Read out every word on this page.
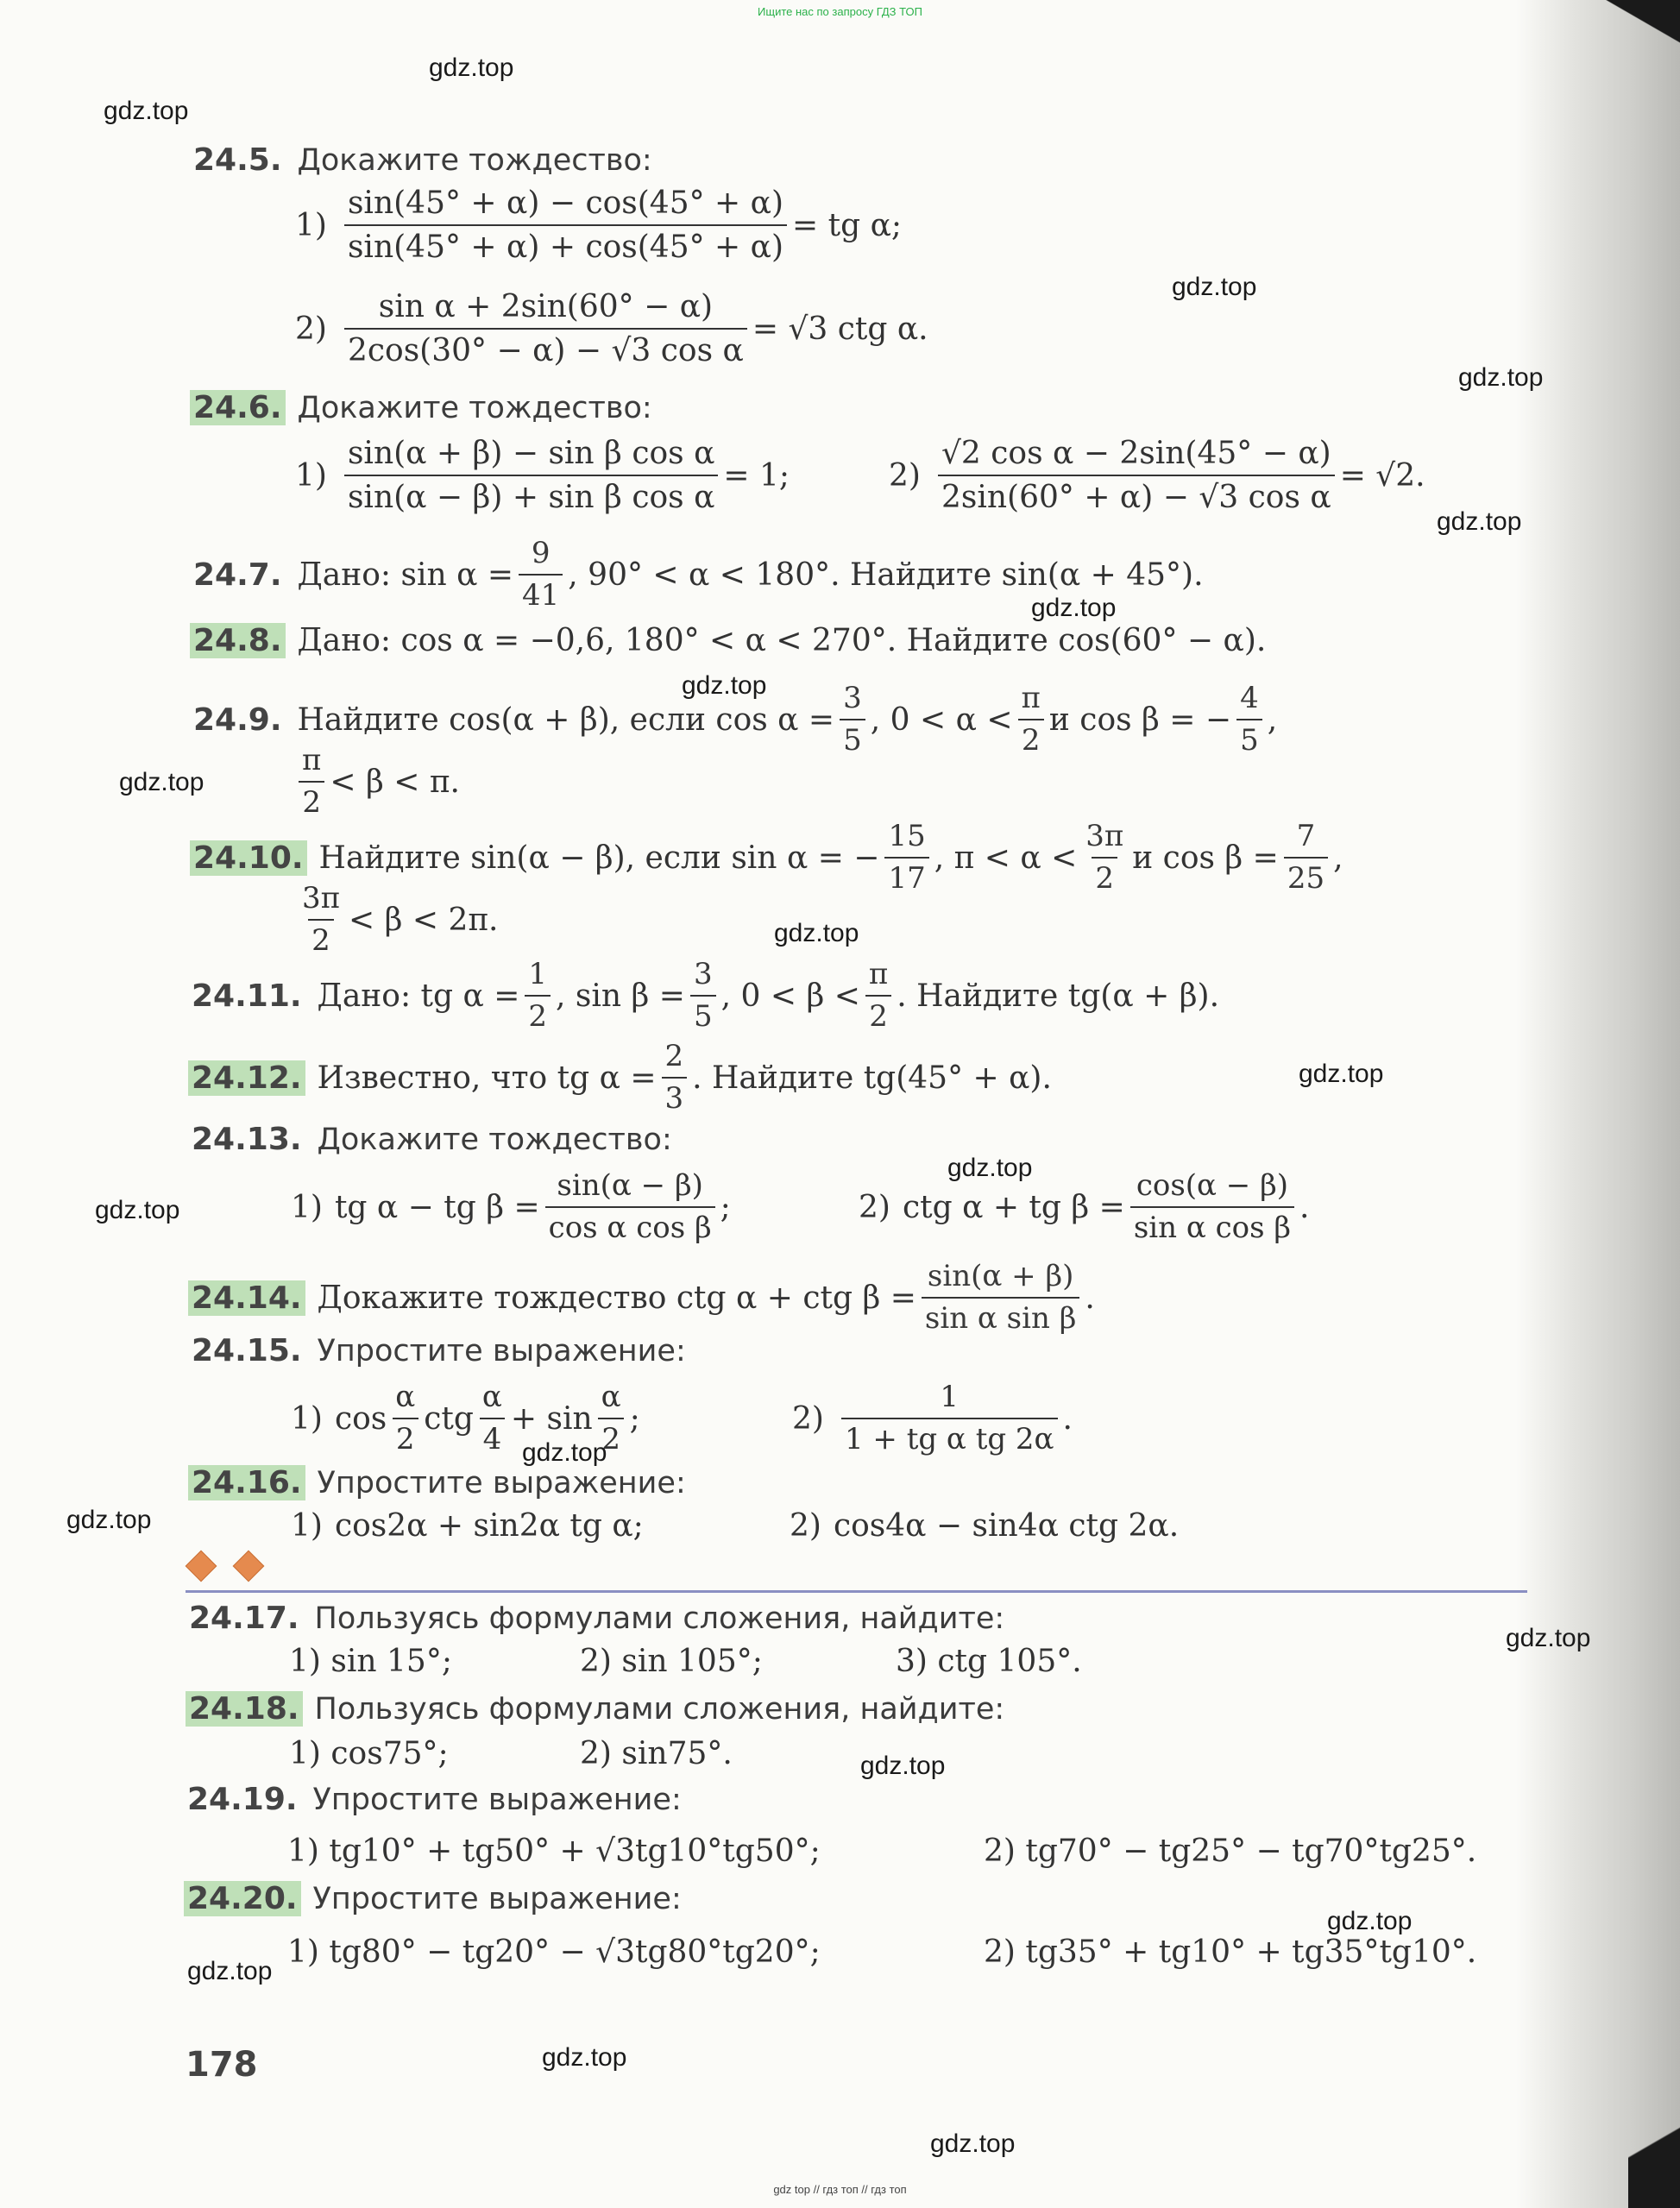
Ищите нас по запросу ГДЗ ТОП
gdz.top
gdz.top
gdz.top
gdz.top
gdz.top
gdz.top
gdz.top
gdz.top
gdz.top
gdz.top
gdz.top
gdz.top
gdz.top
gdz.top
gdz.top
gdz.top
gdz.top
gdz.top
gdz.top
gdz.top
24.5. Докажите тождество:
$1) \frac{\sin(45^\circ + \alpha) - \cos(45^\circ + \alpha)}{\sin(45^\circ + \alpha) + \cos(45^\circ + \alpha)}$ = tg α;
$2) \frac{\text{sin α + 2sin(60° − α)}}{\text{2cos(30° − α) − √3 cos α}} = √3$ ctg α.
24.6. Докажите тождество:
$1) \frac{\text{sin(α + β) − sin β cos α}}{\text{sin(α − β) + sin β cos α}} = 1$;	$2) \frac{\text{√2 cos α − 2sin(45° − α)}}{\text{2sin(60° + α) − √3 cos α}} = √2$.
24.7. Дано: $\sin \alpha = \frac{9}{41}$ , 90° < α < 180°. Найдите sin(α + 45°).
24.8. Дано: cos α = −0,6, 180° < α < 270°. Найдите cos(60° − α).
24.9. Найдите cos(α + β), если $\cos \alpha = \frac{3}{5}$ , $0 < \alpha < \frac{\pi}{2}$ и cos β = − $\frac{4}{5}$ ,
$\frac{\pi}{2} < \beta < \pi$.
24.10. Найдите sin(α − β), если sin α = − $\frac{15}{17}$ , $\pi < \alpha < \frac{3\pi}{2}$ и $\cos \beta = \frac{7}{25}$ ,
$\frac{3\pi}{2} < \beta < 2\pi$.
24.11. Дано: tg $\alpha = \frac{1}{2}$ , $\sin \beta = \frac{3}{5}$ , $0 < \beta < \frac{\pi}{2}$ . Найдите tg(α + β).
24.12. Известно, что tg $\alpha = \frac{2}{3}$ . Найдите tg(45° + α).
24.13. Докажите тождество:
1) tg α − tg $\beta = \frac{\sin(\alpha - \beta)}{\text{cos α cos β}}$ ;	2) ctg α + tg $\beta = \frac{\cos(\alpha - \beta)}{\text{sin α cos β}}$ .
24.14. Докажите тождество ctg α + ctg $\beta = \frac{\sin(\alpha + \beta)}{\text{sin α sin β}}$ .
24.15. Упростите выражение:
1) $\cos \frac{\alpha}{2}$ ctg $\frac{\alpha}{4} + \sin \frac{\alpha}{2}$ ;	$2) \frac{1}{\text{1 + tg α tg 2α}}$ .
24.16. Упростите выражение:
1) cos2α + sin2α tg α;	2) cos4α − sin4α ctg 2α.
24.17. Пользуясь формулами сложения, найдите:
1) sin 15°;	2) sin 105°;	3) ctg 105°.
24.18. Пользуясь формулами сложения, найдите:
1) cos75°;	2) sin75°.
24.19. Упростите выражение:
1) tg10° + tg50° + √3tg10°tg50°;	2) tg70° − tg25° − tg70°tg25°.
24.20. Упростите выражение:
1) tg80° − tg20° − √3tg80°tg20°;	2) tg35° + tg10° + tg35°tg10°.
178
gdz top // гдз топ // гдз топ
